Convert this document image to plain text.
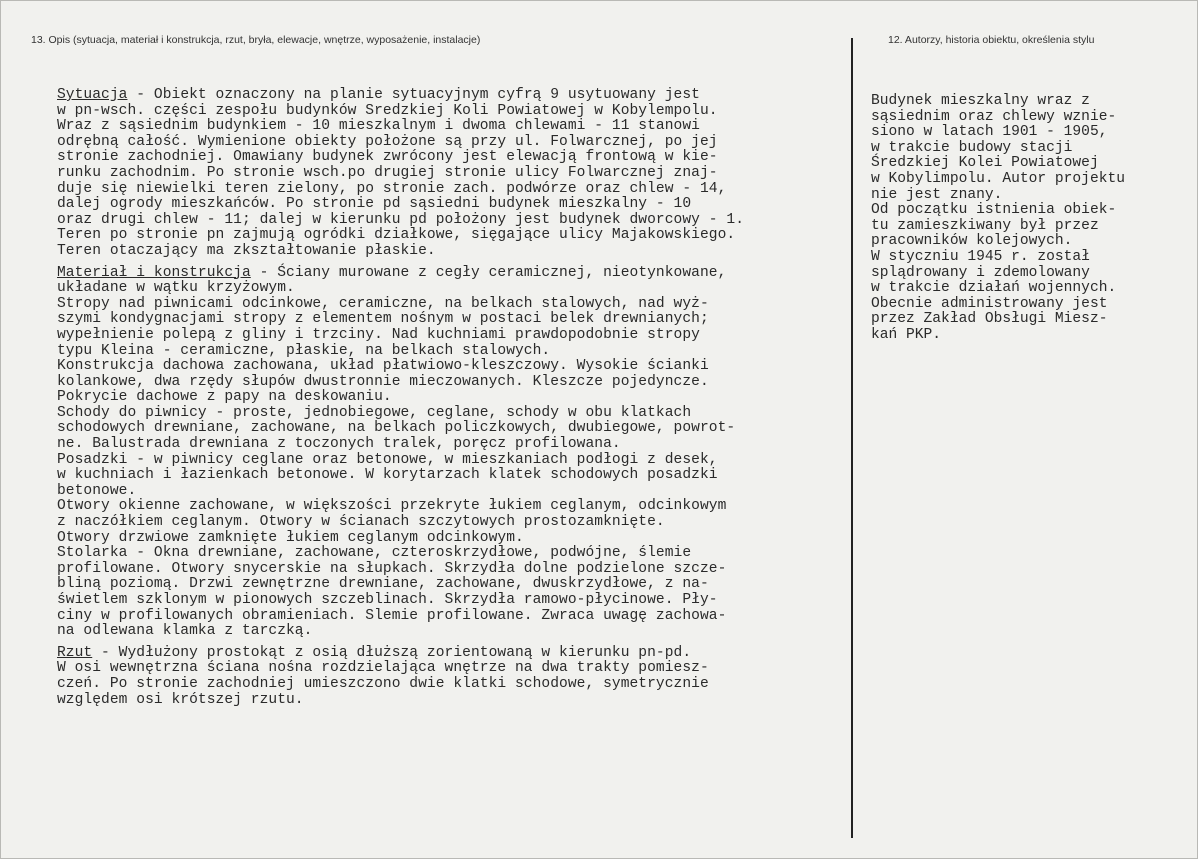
13. Opis (sytuacja, materiał i konstrukcja, rzut, bryła, elewacje, wnętrze, wyposażenie, instalacje)	12. Autorzy, historia obiektu, określenia stylu
Sytuacja - Obiekt oznaczony na planie sytuacyjnym cyfrą 9 usytuowany jest
w pn-wsch. części zespołu budynków Sredzkiej Koli Powiatowej w Kobylempolu.
Wraz z sąsiednim budynkiem - 10 mieszkalnym i dwoma chlewami - 11 stanowi
odrębną całość. Wymienione obiekty położone są przy ul. Folwarcznej, po jej
stronie zachodniej. Omawiany budynek zwrócony jest elewacją frontową w kie-
runku zachodnim. Po stronie wsch.po drugiej stronie ulicy Folwarcznej znaj-
duje się niewielki teren zielony, po stronie zach. podwórze oraz chlew - 14,
dalej ogrody mieszkańców. Po stronie pd sąsiedni budynek mieszkalny - 10
oraz drugi chlew - 11; dalej w kierunku pd położony jest budynek dworcowy - 1.
Teren po stronie pn zajmują ogródki działkowe, sięgające ulicy Majakowskiego.
Teren otaczający ma zkształtowanie płaskie.
Materiał i konstrukcja - Ściany murowane z cegły ceramicznej, nieotynkowane,
układane w wątku krzyżowym.
Stropy nad piwnicami odcinkowe, ceramiczne, na belkach stalowych, nad wyż-
szymi kondygnacjami stropy z elementem nośnym w postaci belek drewnianych;
wypełnienie polepą z gliny i trzciny. Nad kuchniami prawdopodobnie stropy
typu Kleina - ceramiczne, płaskie, na belkach stalowych.
Konstrukcja dachowa zachowana, układ płatwiowo-kleszczowy. Wysokie ścianki
kolankowe, dwa rzędy słupów dwustronnie mieczowanych. Kleszcze pojedyncze.
Pokrycie dachowe z papy na deskowaniu.
Schody do piwnicy - proste, jednobiegowe, ceglane, schody w obu klatkach
schodowych drewniane, zachowane, na belkach policzkowych, dwubiegowe, powrot-
ne. Balustrada drewniana z toczonych tralek, poręcz profilowana.
Posadzki - w piwnicy ceglane oraz betonowe, w mieszkaniach podłogi z desek,
w kuchniach i łazienkach betonowe. W korytarzach klatek schodowych posadzki
betonowe.
Otwory okienne zachowane, w większości przekryte łukiem ceglanym, odcinkowym
z naczółkiem ceglanym. Otwory w ścianach szczytowych prostozamknięte.
Otwory drzwiowe zamknięte łukiem ceglanym odcinkowym.
Stolarka - Okna drewniane, zachowane, czteroskrzydłowe, podwójne, ślemie
profilowane. Otwory snycerskie na słupkach. Skrzydła dolne podzielone szcze-
bliną poziomą. Drzwi zewnętrzne drewniane, zachowane, dwuskrzydłowe, z na-
świetlem szklonym w pionowych szczeblinach. Skrzydła ramowo-płycinowe. Pły-
ciny w profilowanych obramieniach. Slemie profilowane. Zwraca uwagę zachowa-
na odlewana klamka z tarczką.
Rzut - Wydłużony prostokąt z osią dłuższą zorientowaną w kierunku pn-pd.
W osi wewnętrzna ściana nośna rozdzielająca wnętrze na dwa trakty pomiesz-
czeń. Po stronie zachodniej umieszczono dwie klatki schodowe, symetrycznie
względem osi krótszej rzutu.
Budynek mieszkalny wraz z
sąsiednim oraz chlewy wznie-
siono w latach 1901 - 1905,
w trakcie budowy stacji
Średzkiej Kolei Powiatowej
w Kobylimpolu. Autor projektu
nie jest znany.
Od początku istnienia obiek-
tu zamieszkiwany był przez
pracowników kolejowych.
W styczniu 1945 r. został
splądrowany i zdemolowany
w trakcie działań wojennych.
Obecnie administrowany jest
przez Zakład Obsługi Miesz-
kań PKP.
